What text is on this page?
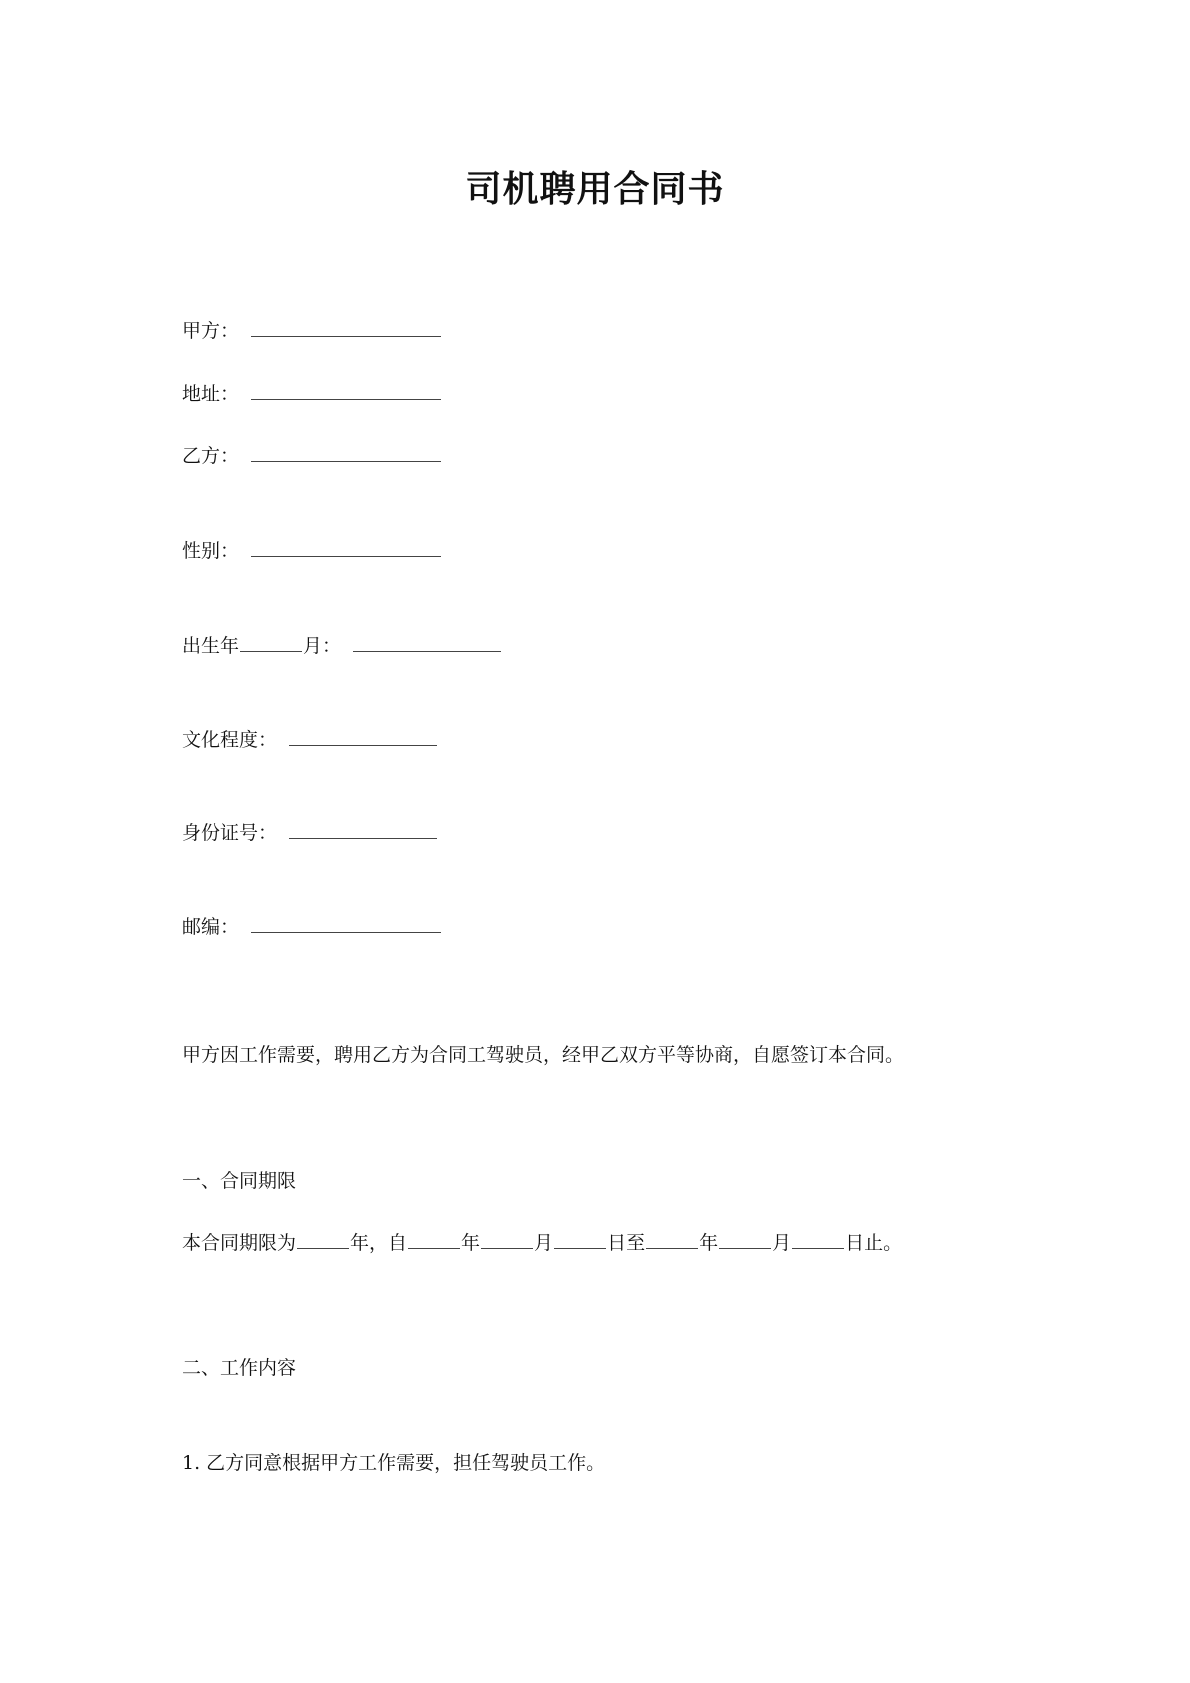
司机聘用合同书
甲方：
地址：
乙方：
性别：
出生年	月：
文化程度：
身份证号：
邮编：
甲方因工作需要，聘用乙方为合同工驾驶员，经甲乙双方平等协商，自愿签订本合同。
一、合同期限
本合同期限为	年，自	年	月	日至	年	月	日止。
二、工作内容
1. 乙方同意根据甲方工作需要，担任驾驶员工作。
